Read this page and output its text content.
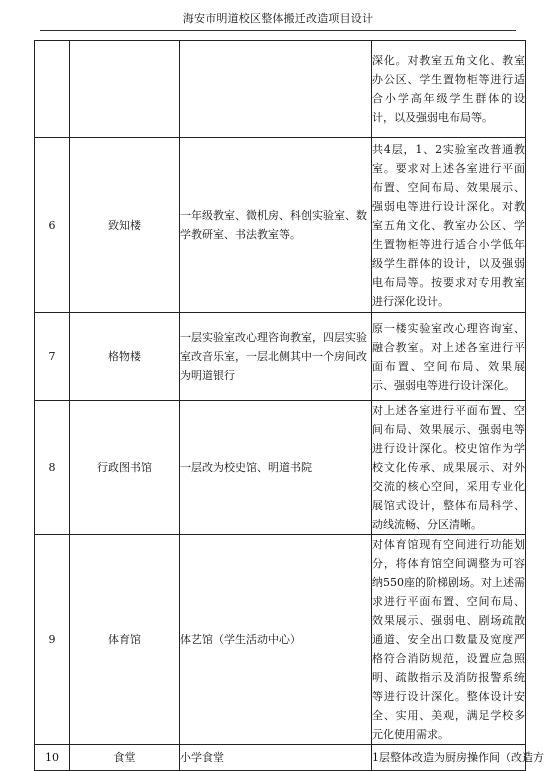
海安市明道校区整体搬迁改造项目设计

			深化。对教室五角文化、教室办公区、学生置物柜等进行适合小学高年级学生群体的设计，以及强弱电布局等。

6	致知楼	一年级教室、微机房、科创实验室、数学教研室、书法教室等。	共4层，1、2实验室改普通教室。要求对上述各室进行平面布置、空间布局、效果展示、强弱电等进行设计深化。对教室五角文化、教室办公区、学生置物柜等进行适合小学低年级学生群体的设计，以及强弱电布局等。按要求对专用教室进行深化设计。

7	格物楼	一层实验室改心理咨询教室，四层实验室改音乐室，一层北侧其中一个房间改为明道银行	原一楼实验室改心理咨询室、融合教室。对上述各室进行平面布置、空间布局、效果展示、强弱电等进行设计深化。

8	行政图书馆	一层改为校史馆、明道书院	对上述各室进行平面布置、空间布局、效果展示、强弱电等进行设计深化。校史馆作为学校文化传承、成果展示、对外交流的核心空间，采用专业化展馆式设计，整体布局科学、动线流畅、分区清晰。

9	体育馆	体艺馆（学生活动中心）	对体育馆现有空间进行功能划分，将体育馆空间调整为可容纳550座的阶梯剧场。对上述需求进行平面布置、空间布局、效果展示、强弱电、剧场疏散通道、安全出口数量及宽度严格符合消防规范，设置应急照明、疏散指示及消防报警系统等进行设计深化。整体设计安全、实用、美观，满足学校多元化使用需求。

10	食堂	小学食堂	1层整体改造为厨房操作间（改造方
